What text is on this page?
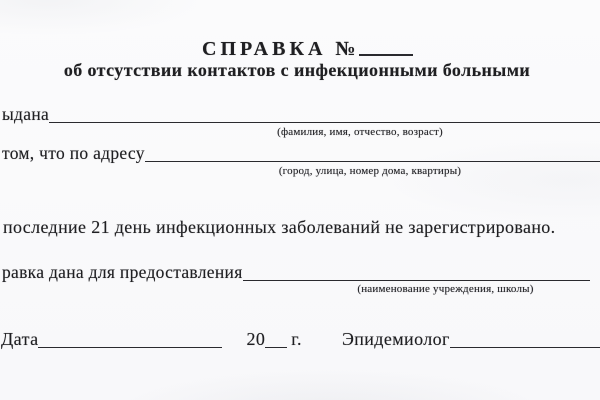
СПРАВКА №
об отсутствии контактов с инфекционными больными
ыдана
(фамилия, имя, отчество, возраст)
том, что по адресу
(город, улица, номер дома, квартиры)
последние 21 день инфекционных заболеваний не зарегистрировано.
равка дана для предоставления
(наименование учреждения, школы)
Дата	20 г. Эпидемиолог
